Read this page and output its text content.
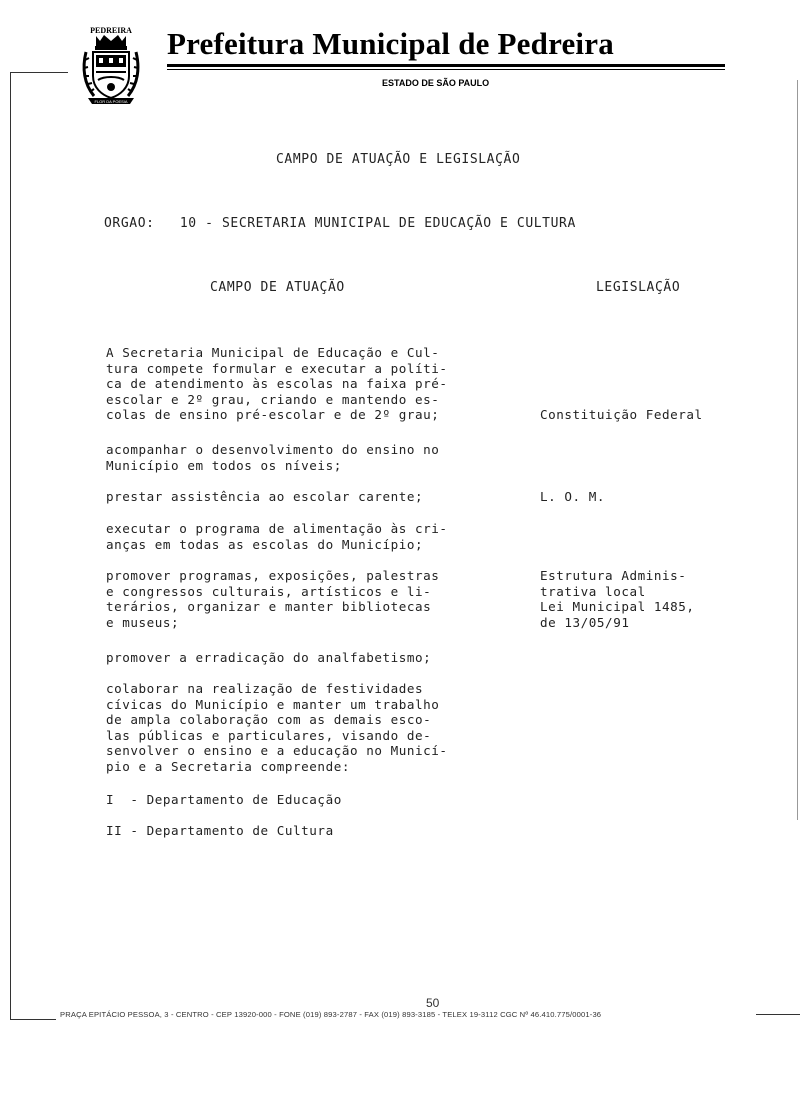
PEDREIRA
FLOR DA POESIA
Prefeitura Municipal de Pedreira
ESTADO DE SÃO PAULO
CAMPO DE ATUAÇÃO E LEGISLAÇÃO
ORGAO:   10 - SECRETARIA MUNICIPAL DE EDUCAÇÃO E CULTURA
CAMPO DE ATUAÇÃO	LEGISLAÇÃO
A Secretaria Municipal de Educação e Cul-
tura compete formular e executar a políti-
ca de atendimento às escolas na faixa pré-
escolar e 2º grau, criando e mantendo es-
colas de ensino pré-escolar e de 2º grau;
acompanhar o desenvolvimento do ensino no
Município em todos os níveis;
prestar assistência ao escolar carente;
executar o programa de alimentação às cri-
anças em todas as escolas do Município;
promover programas, exposições, palestras
e congressos culturais, artísticos e li-
terários, organizar e manter bibliotecas
e museus;
promover a erradicação do analfabetismo;
colaborar na realização de festividades
cívicas do Município e manter um trabalho
de ampla colaboração com as demais esco-
las públicas e particulares, visando de-
senvolver o ensino e a educação no Municí-
pio e a Secretaria compreende:
I  - Departamento de Educação
II - Departamento de Cultura
Constituição Federal
L. O. M.
Estrutura Adminis-
trativa local
Lei Municipal 1485,
de 13/05/91
50
PRAÇA EPITÁCIO PESSOA, 3 - CENTRO - CEP 13920-000 - FONE (019) 893-2787 - FAX (019) 893-3185 - TELEX 19-3112 CGC Nº 46.410.775/0001-36
